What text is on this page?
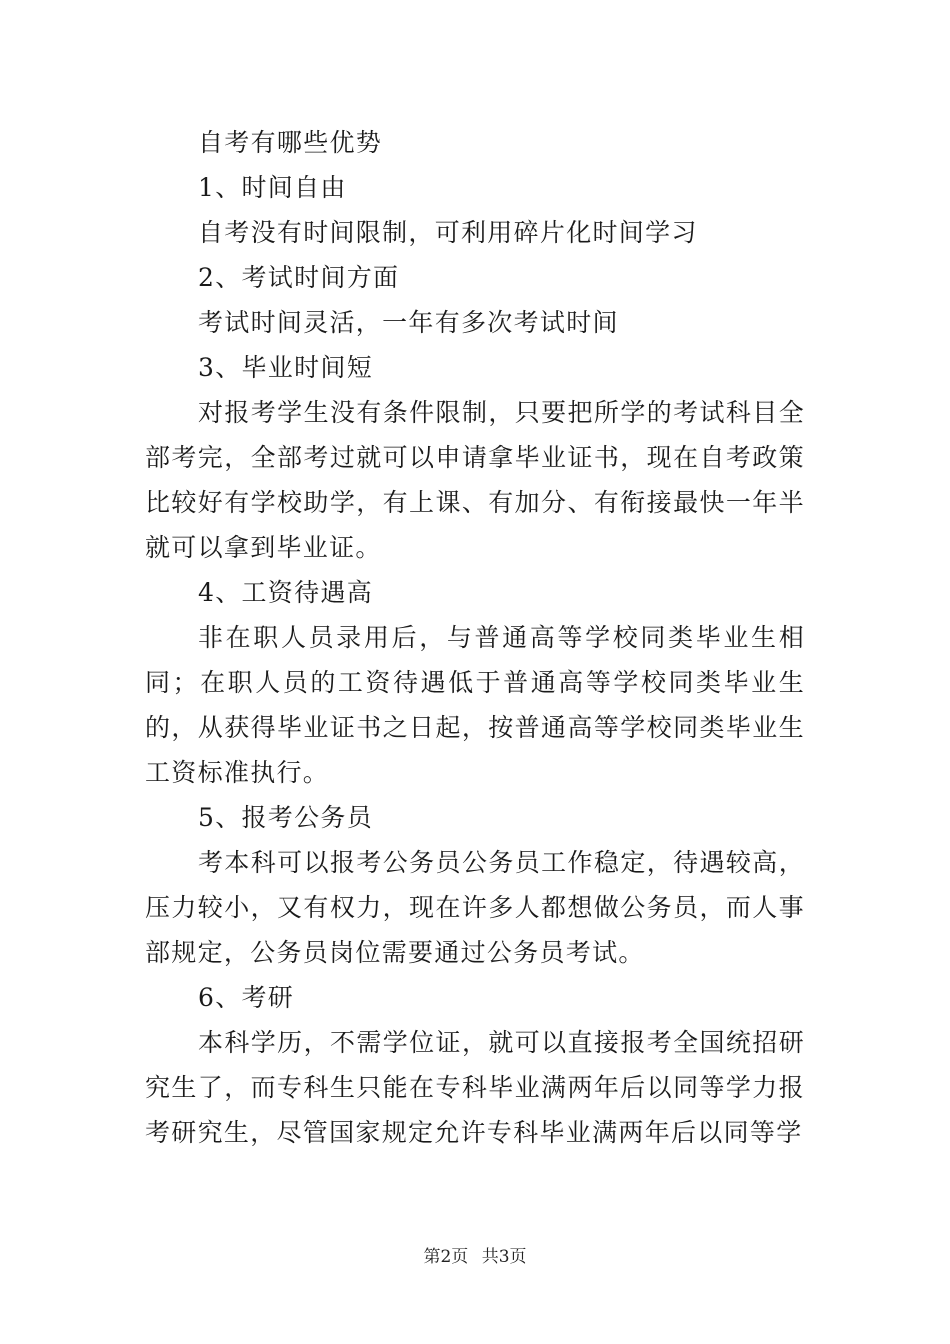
自考有哪些优势

1、时间自由

自考没有时间限制，可利用碎片化时间学习

2、考试时间方面

考试时间灵活，一年有多次考试时间

3、毕业时间短

对报考学生没有条件限制，只要把所学的考试科目全部考完，全部考过就可以申请拿毕业证书，现在自考政策比较好有学校助学，有上课、有加分、有衔接最快一年半就可以拿到毕业证。

4、工资待遇高

非在职人员录用后，与普通高等学校同类毕业生相同；在职人员的工资待遇低于普通高等学校同类毕业生的，从获得毕业证书之日起，按普通高等学校同类毕业生工资标准执行。

5、报考公务员

考本科可以报考公务员公务员工作稳定，待遇较高，压力较小，又有权力，现在许多人都想做公务员，而人事部规定，公务员岗位需要通过公务员考试。

6、考研

本科学历，不需学位证，就可以直接报考全国统招研究生了，而专科生只能在专科毕业满两年后以同等学力报考研究生，尽管国家规定允许专科毕业满两年后以同等学

第2页 共3页
